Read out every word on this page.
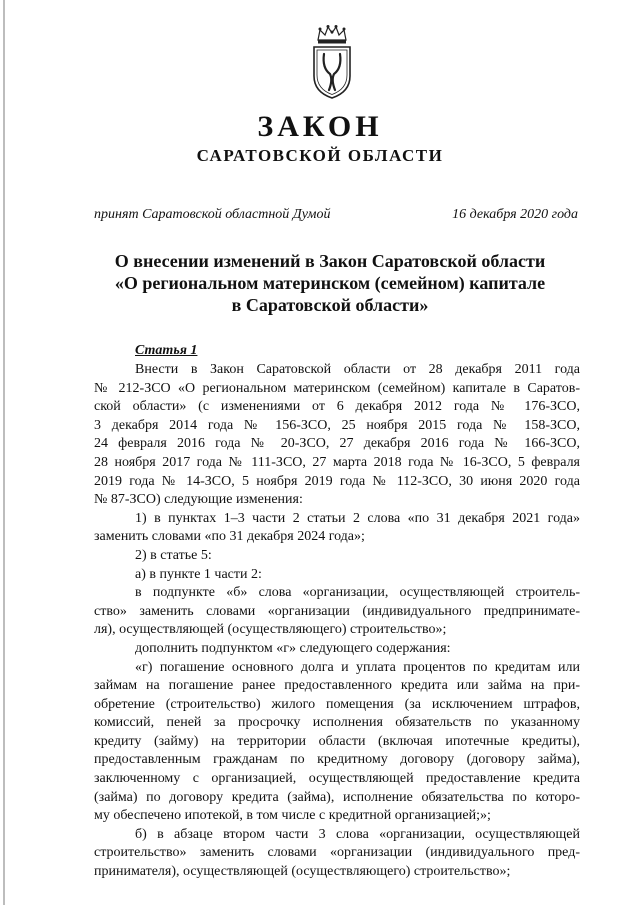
ЗАКОН
САРАТОВСКОЙ ОБЛАСТИ
принят Саратовской областной Думой	16 декабря 2020 года
О внесении изменений в Закон Саратовской области
«О региональном материнском (семейном) капитале
в Саратовской области»
Статья 1
Внести в Закон Саратовской области от 28 декабря 2011 года
№ 212-ЗСО «О региональном материнском (семейном) капитале в Саратов-
ской области» (с изменениями от 6 декабря 2012 года № 176-ЗСО,
3 декабря 2014 года № 156-ЗСО, 25 ноября 2015 года № 158-ЗСО,
24 февраля 2016 года № 20-ЗСО, 27 декабря 2016 года № 166-ЗСО,
28 ноября 2017 года № 111-ЗСО, 27 марта 2018 года № 16-ЗСО, 5 февраля
2019 года № 14-ЗСО, 5 ноября 2019 года № 112-ЗСО, 30 июня 2020 года
№ 87-ЗСО) следующие изменения:
1) в пунктах 1–3 части 2 статьи 2 слова «по 31 декабря 2021 года»
заменить словами «по 31 декабря 2024 года»;
2) в статье 5:
а) в пункте 1 части 2:
в подпункте «б» слова «организации, осуществляющей строитель-
ство» заменить словами «организации (индивидуального предпринимате-
ля), осуществляющей (осуществляющего) строительство»;
дополнить подпунктом «г» следующего содержания:
«г) погашение основного долга и уплата процентов по кредитам или
займам на погашение ранее предоставленного кредита или займа на при-
обретение (строительство) жилого помещения (за исключением штрафов,
комиссий, пеней за просрочку исполнения обязательств по указанному
кредиту (займу) на территории области (включая ипотечные кредиты),
предоставленным гражданам по кредитному договору (договору займа),
заключенному с организацией, осуществляющей предоставление кредита
(займа) по договору кредита (займа), исполнение обязательства по которо-
му обеспечено ипотекой, в том числе с кредитной организацией;»;
б) в абзаце втором части 3 слова «организации, осуществляющей
строительство» заменить словами «организации (индивидуального пред-
принимателя), осуществляющей (осуществляющего) строительство»;
